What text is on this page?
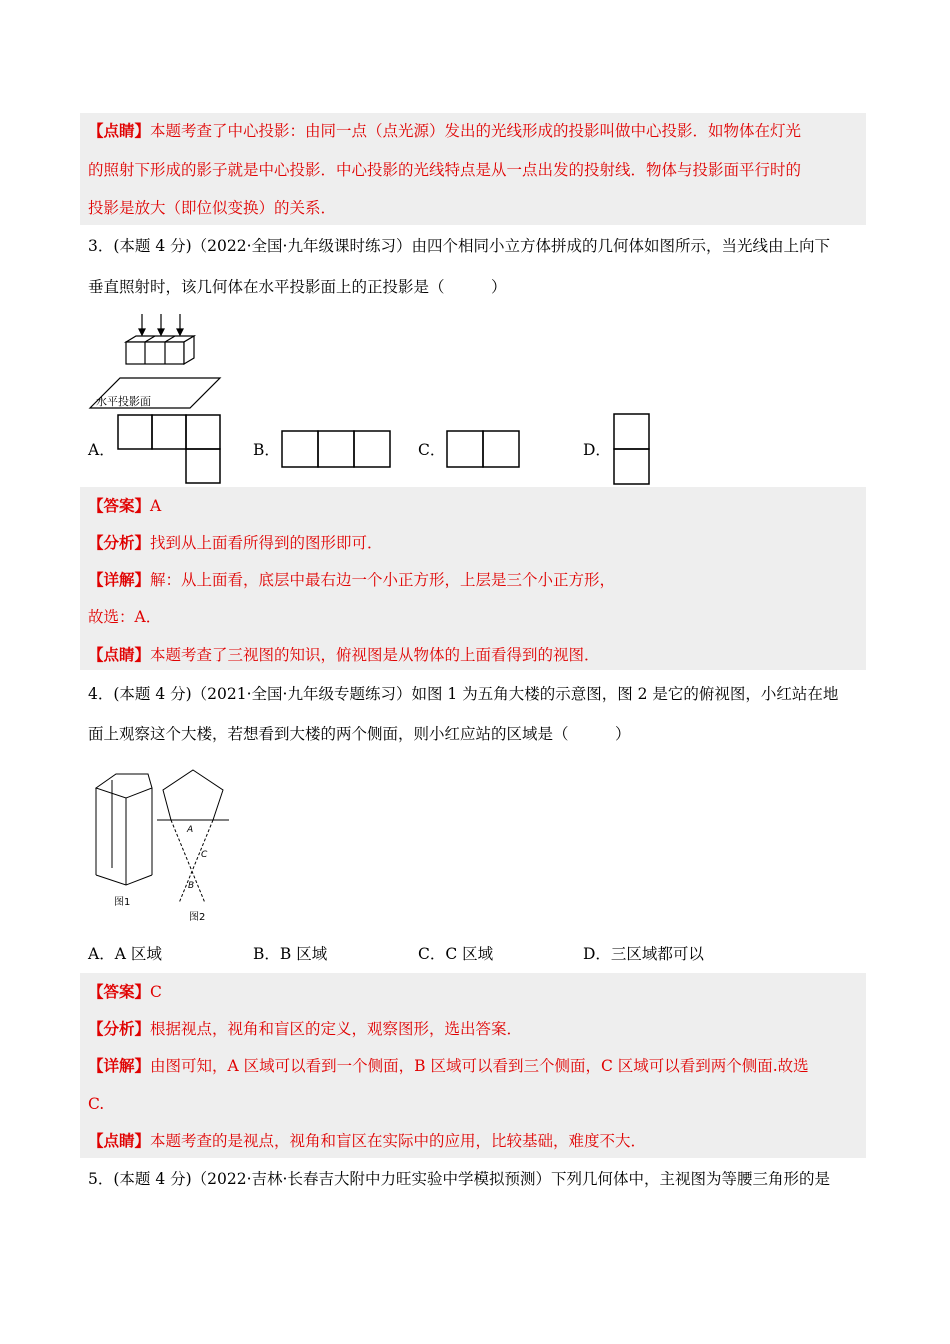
【点睛】本题考查了中心投影：由同一点（点光源）发出的光线形成的投影叫做中心投影．如物体在灯光
的照射下形成的影子就是中心投影．中心投影的光线特点是从一点出发的投射线．物体与投影面平行时的
投影是放大（即位似变换）的关系．
3．(本题 4 分)（2022·全国·九年级课时练习）由四个相同小立方体拼成的几何体如图所示，当光线由上向下
垂直照射时，该几何体在水平投影面上的正投影是（　　　）
水平投影面
A．	B．	C．	D．
【答案】A
【分析】找到从上面看所得到的图形即可．
【详解】解：从上面看，底层中最右边一个小正方形，上层是三个小正方形，
故选：A．
【点睛】本题考查了三视图的知识，俯视图是从物体的上面看得到的视图．
4．(本题 4 分)（2021·全国·九年级专题练习）如图 1 为五角大楼的示意图，图 2 是它的俯视图，小红站在地
面上观察这个大楼，若想看到大楼的两个侧面，则小红应站的区域是（　　　）
图1
A
C
B
图2
A．A 区域	B．B 区域	C．C 区域	D．三区域都可以
【答案】C
【分析】根据视点，视角和盲区的定义，观察图形，选出答案．
【详解】由图可知，A 区域可以看到一个侧面，B 区域可以看到三个侧面，C 区域可以看到两个侧面.故选
C.
【点睛】本题考查的是视点，视角和盲区在实际中的应用，比较基础，难度不大．
5．(本题 4 分)（2022·吉林·长春吉大附中力旺实验中学模拟预测）下列几何体中，主视图为等腰三角形的是
